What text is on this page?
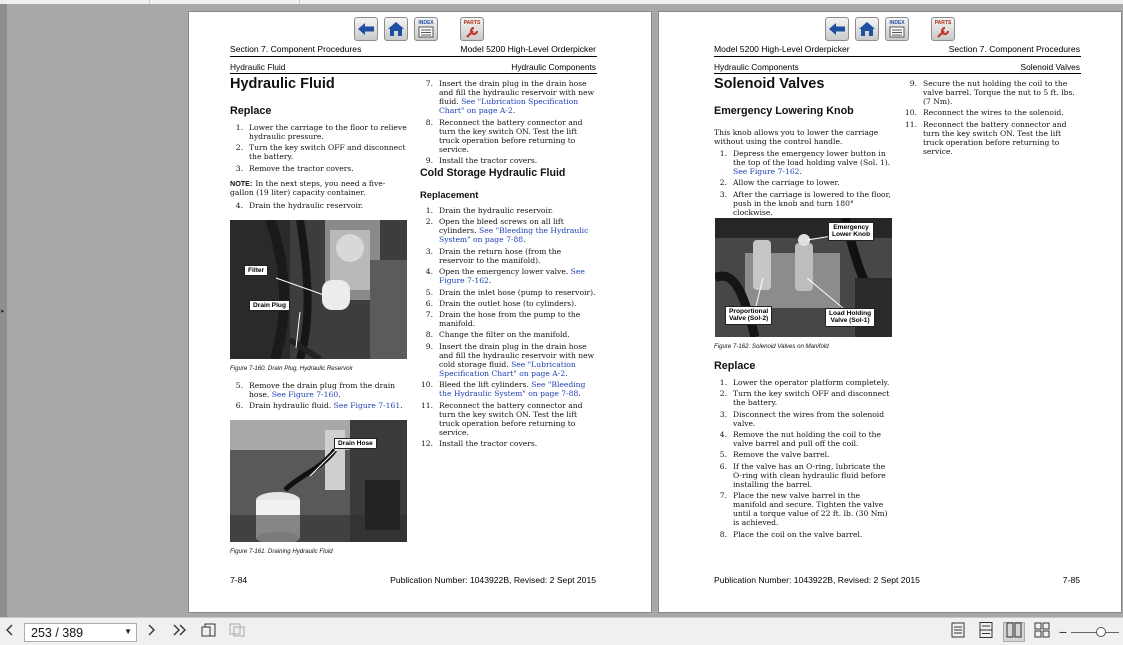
▸
INDEX	PARTS
Section 7. Component Procedures	Model 5200 High-Level Orderpicker
Hydraulic Fluid	Hydraulic Components
Hydraulic Fluid
Replace
1. Lower the carriage to the floor to relieve hydraulic pressure.
2. Turn the key switch OFF and disconnect the battery.
3. Remove the tractor covers.
NOTE: In the next steps, you need a five-gallon (19 liter) capacity container.
4. Drain the hydraulic reservoir.
Filter
Drain Plug
Figure 7-160. Drain Plug, Hydraulic Reservoir
5. Remove the drain plug from the drain hose. See Figure 7-160.
6. Drain hydraulic fluid. See Figure 7-161.
Drain Hose
Figure 7-161. Draining Hydraulic Fluid
7. Insert the drain plug in the drain hose and fill the hydraulic reservoir with new fluid. See "Lubrication Specification Chart" on page A-2.
8. Reconnect the battery connector and turn the key switch ON. Test the lift truck operation before returning to service.
9. Install the tractor covers.
Cold Storage Hydraulic Fluid
Replacement
1. Drain the hydraulic reservoir.
2. Open the bleed screws on all lift cylinders. See "Bleeding the Hydraulic System" on page 7-88.
3. Drain the return hose (from the reservoir to the manifold).
4. Open the emergency lower valve. See Figure 7-162.
5. Drain the inlet hose (pump to reservoir).
6. Drain the outlet hose (to cylinders).
7. Drain the hose from the pump to the manifold.
8. Change the filter on the manifold.
9. Insert the drain plug in the drain hose and fill the hydraulic reservoir with new cold storage fluid. See "Lubrication Specification Chart" on page A-2.
10. Bleed the lift cylinders. See "Bleeding the Hydraulic System" on page 7-88.
11. Reconnect the battery connector and turn the key switch ON. Test the lift truck operation before returning to service.
12. Install the tractor covers.
7-84	Publication Number: 1043922B, Revised: 2 Sept 2015
INDEX	PARTS
Model 5200 High-Level Orderpicker	Section 7. Component Procedures
Hydraulic Components	Solenoid Valves
Solenoid Valves
Emergency Lowering Knob
This knob allows you to lower the carriage without using the control handle.
1. Depress the emergency lower button in the top of the load holding valve (Sol. 1). See Figure 7-162.
2. Allow the carriage to lower.
3. After the carriage is lowered to the floor, push in the knob and turn 180° clockwise.
Emergency
Lower Knob
Proportional
Valve (Sol-2)
Load Holding
Valve (Sol-1)
Figure 7-162. Solenoid Valves on Manifold
Replace
1. Lower the operator platform completely.
2. Turn the key switch OFF and disconnect the battery.
3. Disconnect the wires from the solenoid valve.
4. Remove the nut holding the coil to the valve barrel and pull off the coil.
5. Remove the valve barrel.
6. If the valve has an O-ring, lubricate the O-ring with clean hydraulic fluid before installing the barrel.
7. Place the new valve barrel in the manifold and secure. Tighten the valve until a torque value of 22 ft. lb. (30 Nm) is achieved.
8. Place the coil on the valve barrel.
9. Secure the nut holding the coil to the valve barrel. Torque the nut to 5 ft. lbs. (7 Nm).
10. Reconnect the wires to the solenoid.
11. Reconnect the battery connector and turn the key switch ON. Test the lift truck operation before returning to service.
Publication Number: 1043922B, Revised: 2 Sept 2015	7-85
253 / 389	▼	−
